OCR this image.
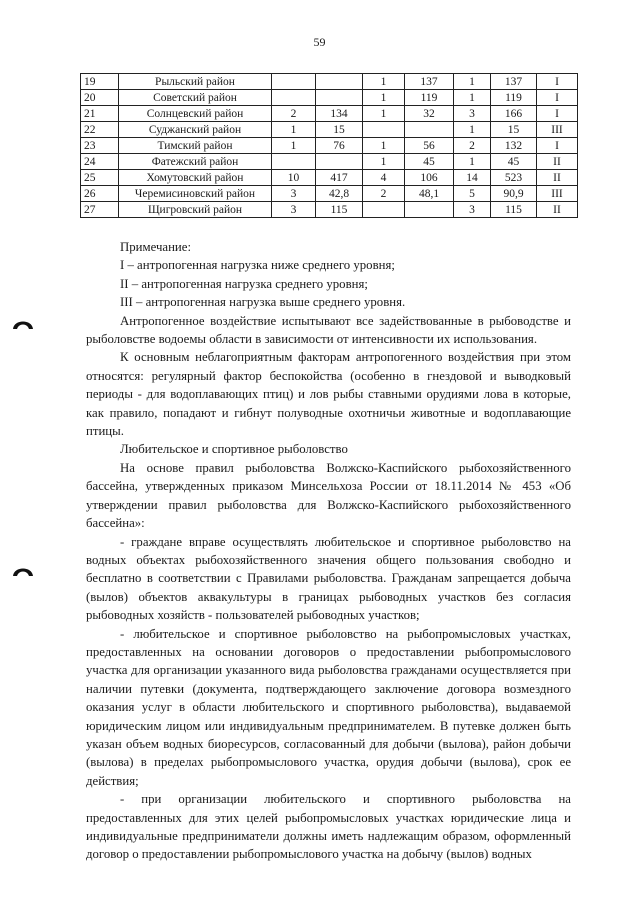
59
19	Рыльский район			1	137	1	137	I
20	Советский район			1	119	1	119	I
21	Солнцевский район	2	134	1	32	3	166	I
22	Суджанский район	1	15			1	15	III
23	Тимский район	1	76	1	56	2	132	I
24	Фатежский район			1	45	1	45	II
25	Хомутовский район	10	417	4	106	14	523	II
26	Черемисиновский район	3	42,8	2	48,1	5	90,9	III
27	Щигровский район	3	115			3	115	II

Примечание:

I – антропогенная нагрузка ниже среднего уровня;

II – антропогенная нагрузка среднего уровня;

III – антропогенная нагрузка выше среднего уровня.

Антропогенное воздействие испытывают все задействованные в рыбоводстве и рыболовстве водоемы области в зависимости от интенсивности их использования.

К основным неблагоприятным факторам антропогенного воздействия при этом относятся: регулярный фактор беспокойства (особенно в гнездовой и выводковый периоды - для водоплавающих птиц) и лов рыбы ставными орудиями лова в которые, как правило, попадают и гибнут полуводные охотничьи животные и водоплавающие птицы.

Любительское и спортивное рыболовство

На основе правил рыболовства Волжско-Каспийского рыбохозяйственного бассейна, утвержденных приказом Минсельхоза России от 18.11.2014 № 453 «Об утверждении правил рыболовства для Волжско-Каспийского рыбохозяйственного бассейна»:

- граждане вправе осуществлять любительское и спортивное рыболовство на водных объектах рыбохозяйственного значения общего пользования свободно и бесплатно в соответствии с Правилами рыболовства. Гражданам запрещается добыча (вылов) объектов аквакультуры в границах рыбоводных участков без согласия рыбоводных хозяйств - пользователей рыбоводных участков;

- любительское и спортивное рыболовство на рыбопромысловых участках, предоставленных на основании договоров о предоставлении рыбопромыслового участка для организации указанного вида рыболовства гражданами осуществляется при наличии путевки (документа, подтверждающего заключение договора возмездного оказания услуг в области любительского и спортивного рыболовства), выдаваемой юридическим лицом или индивидуальным предпринимателем. В путевке должен быть указан объем водных биоресурсов, согласованный для добычи (вылова), район добычи (вылова) в пределах рыбопромыслового участка, орудия добычи (вылова), срок ее действия;

- при организации любительского и спортивного рыболовства на предоставленных для этих целей рыбопромысловых участках юридические лица и индивидуальные предприниматели должны иметь надлежащим образом, оформленный договор о предоставлении рыбопромыслового участка на добычу (вылов) водных
